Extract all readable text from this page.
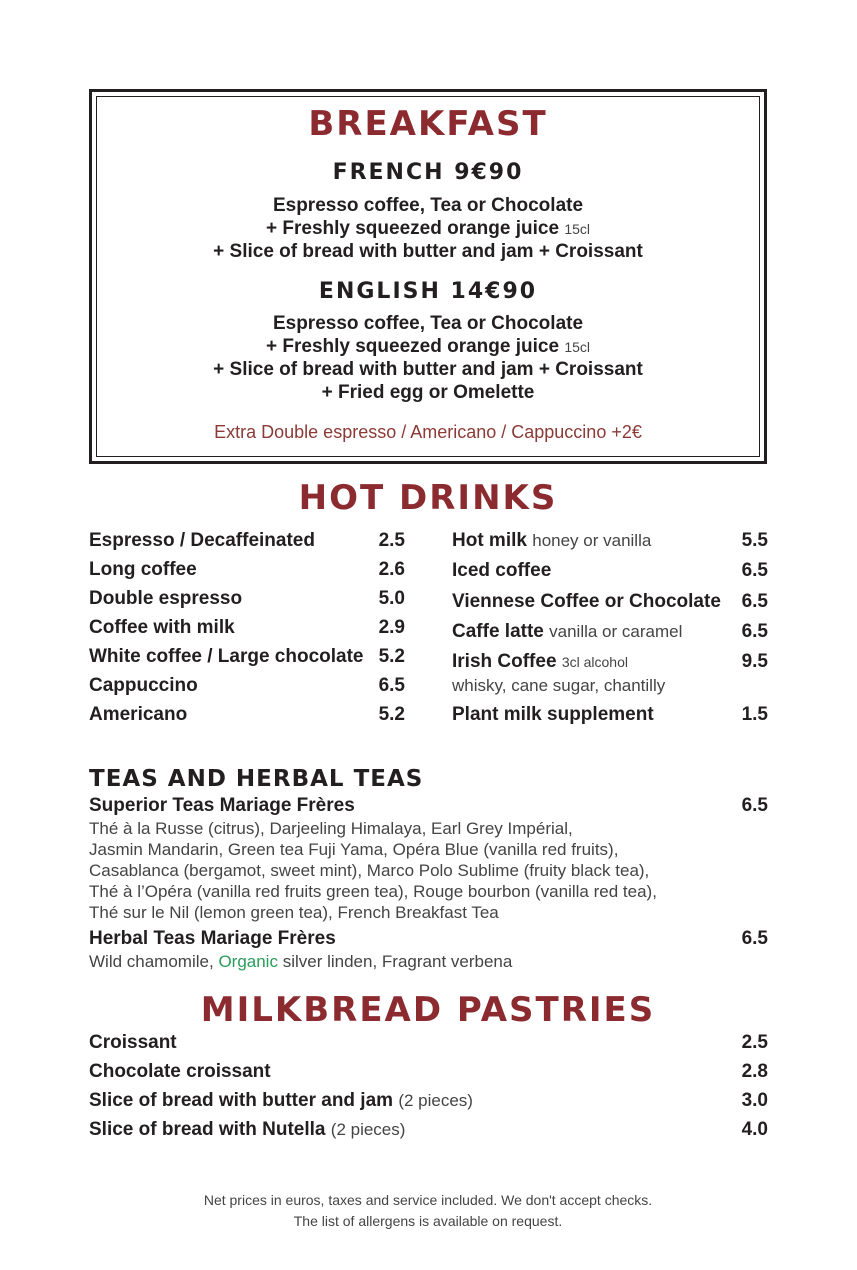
BREAKFAST
FRENCH 9€90
Espresso coffee, Tea or Chocolate
+ Freshly squeezed orange juice 15cl
+ Slice of bread with butter and jam + Croissant
ENGLISH 14€90
Espresso coffee, Tea or Chocolate
+ Freshly squeezed orange juice 15cl
+ Slice of bread with butter and jam + Croissant
+ Fried egg or Omelette
Extra Double espresso / Americano / Cappuccino +2€
HOT DRINKS
Espresso / Decaffeinated	2.5
Long coffee	2.6
Double espresso	5.0
Coffee with milk	2.9
White coffee / Large chocolate 5.2
Cappuccino	6.5
Americano	5.2
Hot milk honey or vanilla	5.5
Iced coffee	6.5
Viennese Coffee or Chocolate	6.5
Caffe latte vanilla or caramel	6.5
Irish Coffee 3cl alcohol	9.5
whisky, cane sugar, chantilly
Plant milk supplement	1.5
TEAS AND HERBAL TEAS
Superior Teas Mariage Frères	6.5
Thé à la Russe (citrus), Darjeeling Himalaya, Earl Grey Impérial,
Jasmin Mandarin, Green tea Fuji Yama, Opéra Blue (vanilla red fruits),
Casablanca (bergamot, sweet mint), Marco Polo Sublime (fruity black tea),
Thé à l’Opéra (vanilla red fruits green tea), Rouge bourbon (vanilla red tea),
Thé sur le Nil (lemon green tea), French Breakfast Tea
Herbal Teas Mariage Frères	6.5
Wild chamomile, Organic silver linden, Fragrant verbena
MILKBREAD PASTRIES
Croissant	2.5
Chocolate croissant	2.8
Slice of bread with butter and jam (2 pieces)	3.0
Slice of bread with Nutella (2 pieces)	4.0
Net prices in euros, taxes and service included. We don't accept checks.
The list of allergens is available on request.
